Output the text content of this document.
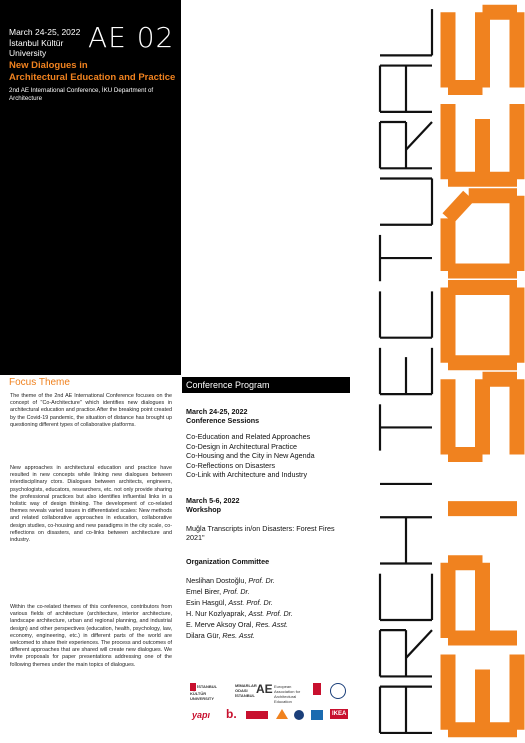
March 24-25, 2022
İstanbul Kültür University	AE 02
New Dialogues in
Architectural Education and Practice
2nd AE International Conference, İKU Department of Architecture
Focus Theme
The theme of the 2nd AE International Conference focuses on the concept of "Co-Architecture" which identifies new dialogues in architectural education and practice.After the breaking point created by the Covid-19 pandemic, the situation of distance has brought up questioning different types of collaborative platforms.
New approaches in architectural education and practice have resulted in new concepts while linking new dialogues between interdisciplinary ctors. Dialogues between architects, engineers, psychologists, educators, researchers, etc. not only provide sharing the professional practices but also identifies influential links in a holistic way of design thinking. The development of co-related themes reveals varied issues in differentiated scales: New methods and related collaborative approaches in education, collaborative design studies, co-housing and new paradigms in the city scale, co-reflections on disasters, and co-links between architecture and industry.
Within the co-related themes of this conference, contributors from various fields of architecture (architecture, interior architecture, landscape architecture, urban and regional planning, and industrial design) and other perspectives (education, health, psychology, law, economy, engineering, etc.) in different parts of the world are welcomed to share their experiences. The process and outcomes of different approaches that are shared will create new dialogues. We invite proposals for paper presentations addressing one of the following themes under the main topics of dialogues.
Conference Program
March 24-25, 2022
Conference Sessions
Co-Education and Related Approaches
Co-Design in Architectural Practice
Co-Housing and the City in New Agenda
Co-Reflections on Disasters
Co-Link with Architecture and Industry
March 5-6, 2022
Workshop
Muğla Transcripts in/on Disasters: Forest Fires 2021"
Organization Committee
Neslihan Dostoğlu, Prof. Dr.
Emel Birer, Prof. Dr.
Esin Hasgül, Asst. Prof. Dr.
H. Nur Kozlyaprak, Asst. Prof. Dr.
E. Merve Aksoy Oral, Res. Asst.
Dilara Gür, Res. Asst.
İSTANBUL KÜLTÜR UNIVERSITY
MİMARLAR ODASI İSTANBUL AE European Association for Architectural Education
yapı b.	IKEA
